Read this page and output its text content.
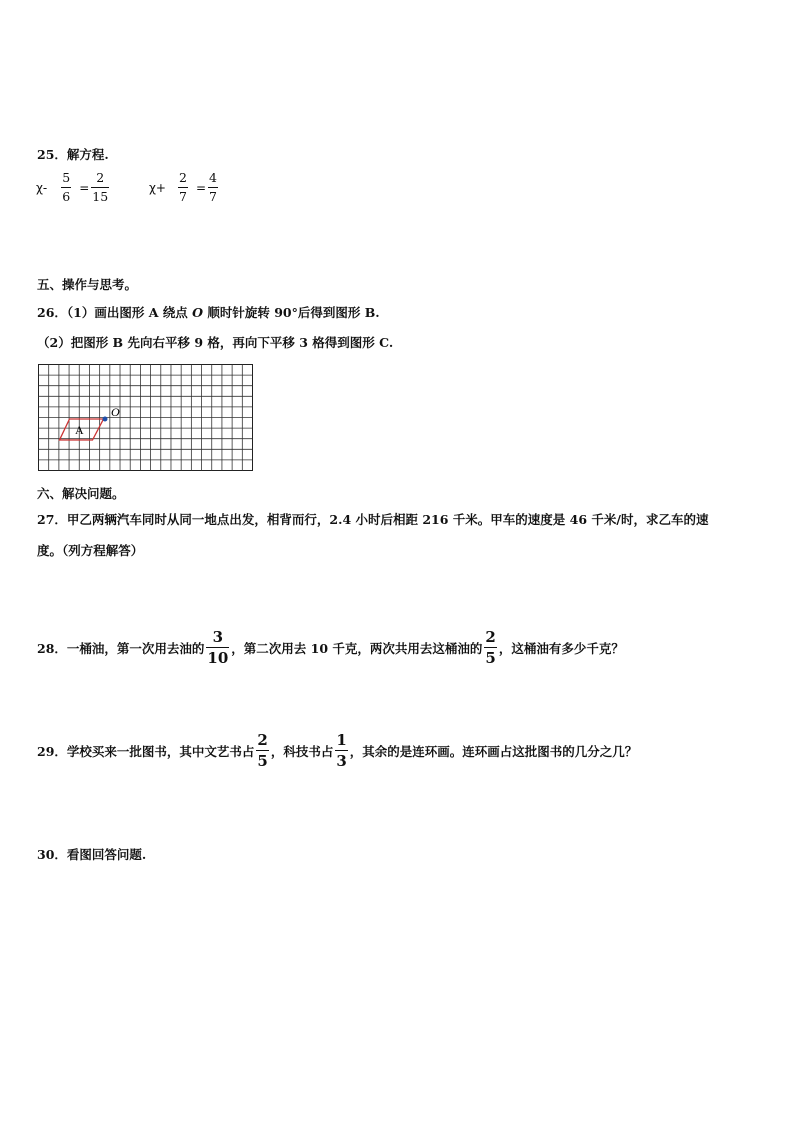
25．解方程.
$\chi- \frac{5}{6} = \frac{2}{15}$	$\chi+ \frac{2}{7} = \frac{4}{7}$
五、操作与思考。
26．（1）画出图形 A 绕点 O 顺时针旋转 90°后得到图形 B.
（2）把图形 B 先向右平移 9 格，再向下平移 3 格得到图形 C.
A
O
六、解决问题。
27．甲乙两辆汽车同时从同一地点出发，相背而行，2.4 小时后相距 216 千米。甲车的速度是 46 千米/时，求乙车的速
度。（列方程解答）
28．一桶油，第一次用去油的 $\frac{3}{10}$ ，第二次用去 10 千克，两次共用去这桶油的 $\frac{2}{5}$ ，这桶油有多少千克？
29．学校买来一批图书，其中文艺书占 $\frac{2}{5}$ ，科技书占 $\frac{1}{3}$ ，其余的是连环画。连环画占这批图书的几分之几？
30．看图回答问题.
